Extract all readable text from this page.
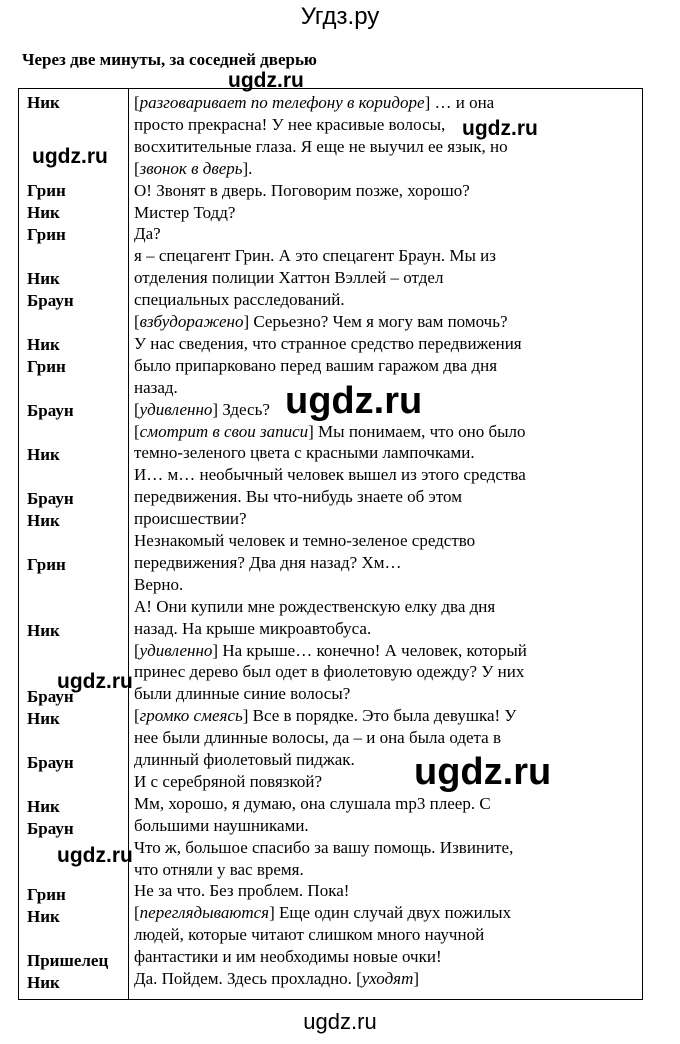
Угдз.ру
Через две минуты, за соседней дверью
Ник
Грин
Ник
Грин
Ник
Браун
Ник
Грин
Браун
Ник
Браун
Ник
Грин
Ник
Браун
Ник
Браун
Ник
Браун
Грин
Ник
Пришелец
Ник
[разговаривает по телефону в коридоре] … и она
просто прекрасна! У нее красивые волосы,
восхитительные глаза. Я еще не выучил ее язык, но
[звонок в дверь].
О! Звонят в дверь. Поговорим позже, хорошо?
Мистер Тодд?
Да?
я – спецагент Грин. А это спецагент Браун. Мы из
отделения полиции Хаттон Вэллей – отдел
специальных расследований.
[взбудоражено] Серьезно? Чем я могу вам помочь?
У нас сведения, что странное средство передвижения
было припарковано перед вашим гаражом два дня
назад.
[удивленно] Здесь?
[смотрит в свои записи] Мы понимаем, что оно было
темно-зеленого цвета с красными лампочками.
И… м… необычный человек вышел из этого средства
передвижения. Вы что-нибудь знаете об этом
происшествии?
Незнакомый человек и темно-зеленое средство
передвижения? Два дня назад? Хм…
Верно.
А! Они купили мне рождественскую елку два дня
назад. На крыше микроавтобуса.
[удивленно] На крыше… конечно! А человек, который
принес дерево был одет в фиолетовую одежду? У них
были длинные синие волосы?
[громко смеясь] Все в порядке. Это была девушка! У
нее были длинные волосы, да – и она была одета в
длинный фиолетовый пиджак.
И с серебряной повязкой?
Мм, хорошо, я думаю, она слушала mp3 плеер. С
большими наушниками.
Что ж, большое спасибо за вашу помощь. Извините,
что отняли у вас время.
Не за что. Без проблем. Пока!
[переглядываются] Еще один случай двух пожилых
людей, которые читают слишком много научной
фантастики и им необходимы новые очки!
Да. Пойдем. Здесь прохладно. [уходят]
ugdz.ru
ugdz.ru
ugdz.ru
ugdz.ru
ugdz.ru
ugdz.ru
ugdz.ru
ugdz.ru
